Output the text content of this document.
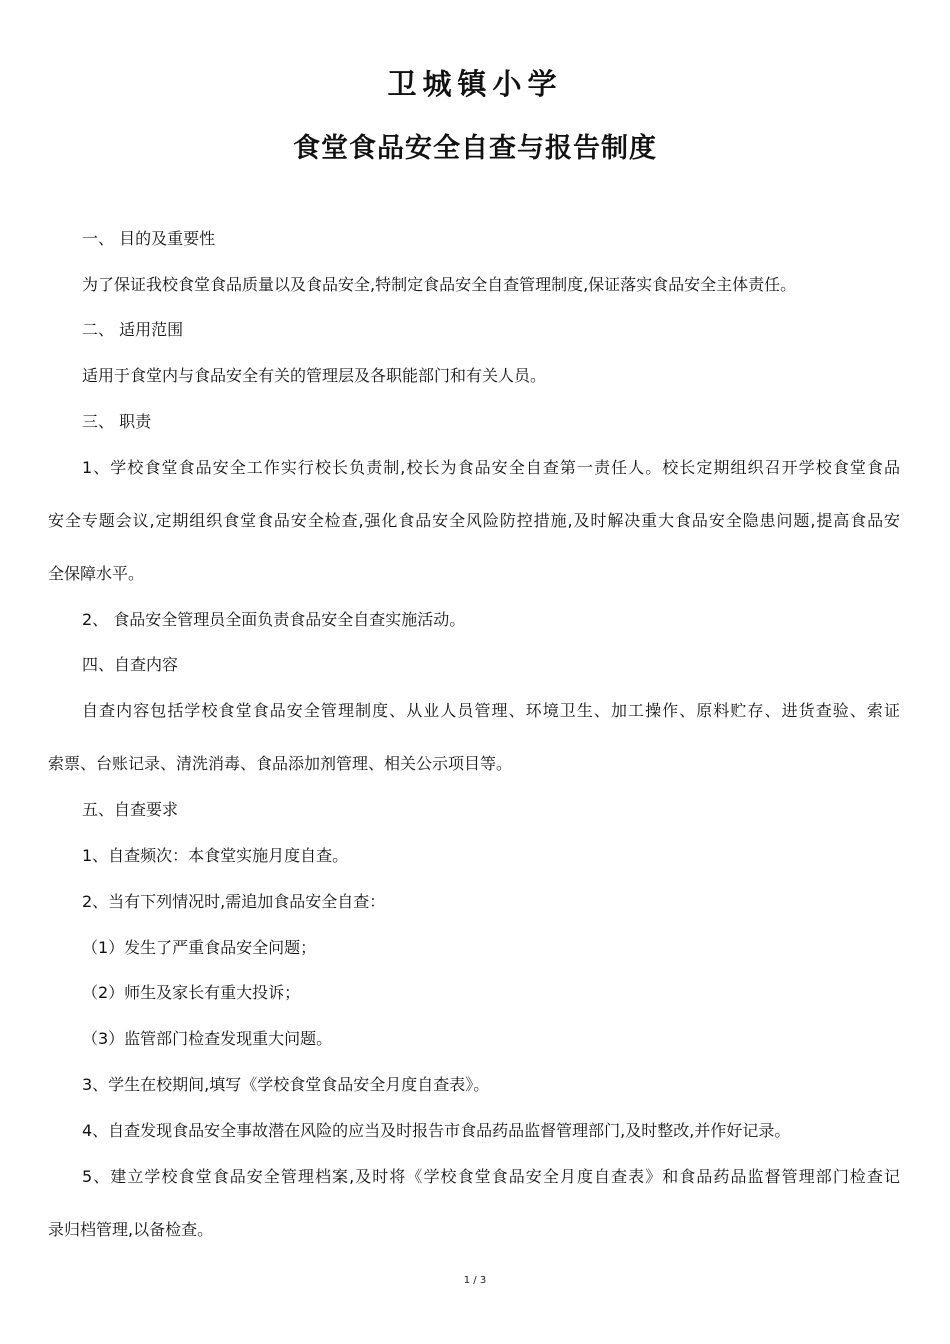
卫城镇小学
食堂食品安全自查与报告制度
一、 目的及重要性
为了保证我校食堂食品质量以及食品安全,特制定食品安全自查管理制度,保证落实食品安全主体责任。
二、 适用范围
适用于食堂内与食品安全有关的管理层及各职能部门和有关人员。
三、 职责
1、学校食堂食品安全工作实行校长负责制,校长为食品安全自查第一责任人。校长定期组织召开学校食堂食品
安全专题会议,定期组织食堂食品安全检查,强化食品安全风险防控措施,及时解决重大食品安全隐患问题,提高食品安
全保障水平。
2、 食品安全管理员全面负责食品安全自查实施活动。
四、自查内容
自查内容包括学校食堂食品安全管理制度、从业人员管理、环境卫生、加工操作、原料贮存、进货查验、索证
索票、台账记录、清洗消毒、食品添加剂管理、相关公示项目等。
五、自查要求
1、自查频次：本食堂实施月度自查。
2、当有下列情况时,需追加食品安全自查：
（1）发生了严重食品安全问题；
（2）师生及家长有重大投诉；
（3）监管部门检查发现重大问题。
3、学生在校期间,填写《学校食堂食品安全月度自查表》。
4、自查发现食品安全事故潜在风险的应当及时报告市食品药品监督管理部门,及时整改,并作好记录。
5、建立学校食堂食品安全管理档案,及时将《学校食堂食品安全月度自查表》和食品药品监督管理部门检查记
录归档管理,以备检查。
1 / 3
